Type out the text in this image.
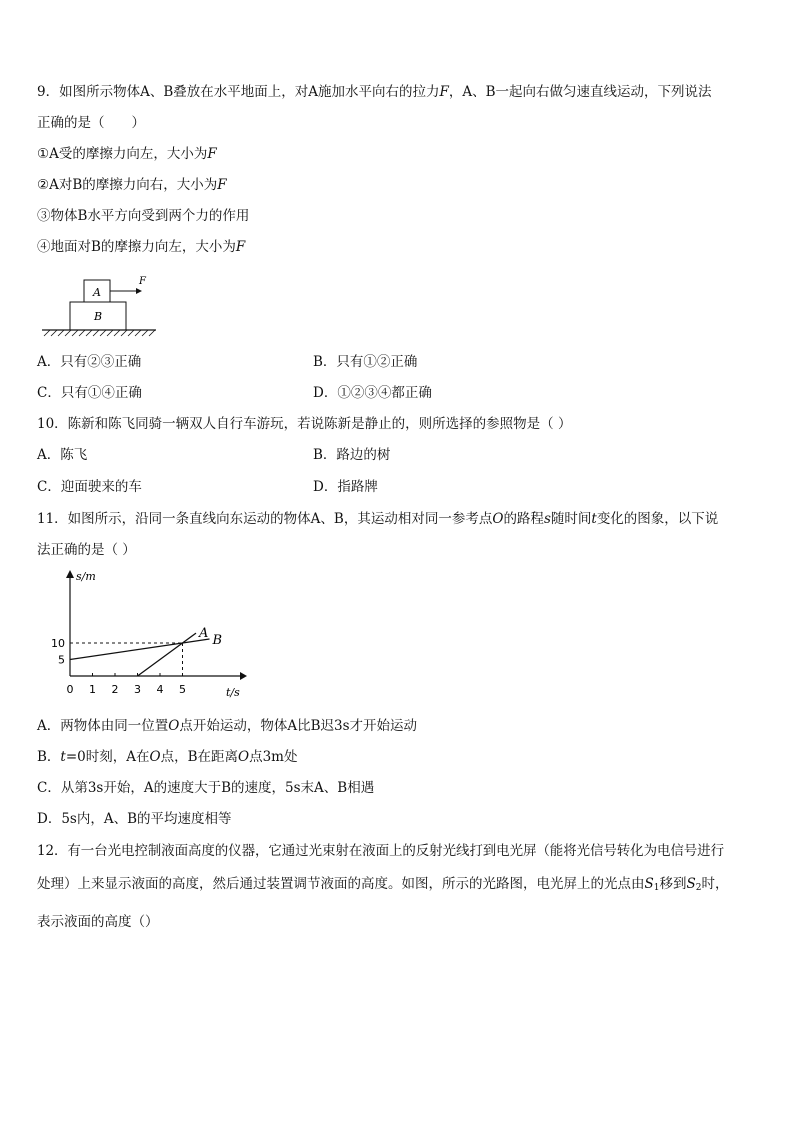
9．如图所示物体A、B叠放在水平地面上，对A施加水平向右的拉力F，A、B一起向右做匀速直线运动，下列说法
正确的是（　　）
①A受的摩擦力向左，大小为F
②A对B的摩擦力向右，大小为F
③物体B水平方向受到两个力的作用
④地面对B的摩擦力向左，大小为F
A
B
F
A．只有②③正确	B．只有①②正确
C．只有①④正确	D．①②③④都正确
10．陈新和陈飞同骑一辆双人自行车游玩，若说陈新是静止的，则所选择的参照物是（ ）
A．陈飞	B．路边的树
C．迎面驶来的车	D．指路牌
11．如图所示，沿同一条直线向东运动的物体A、B，其运动相对同一参考点O的路程s随时间t变化的图象，以下说
法正确的是（ ）
s/m
t/s
0 1 2 3 4 5
5
10
A B
A．两物体由同一位置O点开始运动，物体A比B迟3s才开始运动
B．t=0时刻，A在O点，B在距离O点3m处
C．从第3s开始，A的速度大于B的速度，5s末A、B相遇
D．5s内，A、B的平均速度相等
12．有一台光电控制液面高度的仪器，它通过光束射在液面上的反射光线打到电光屏（能将光信号转化为电信号进行
处理）上来显示液面的高度，然后通过装置调节液面的高度。如图，所示的光路图，电光屏上的光点由$S_1$移到$S_2$时，
表示液面的高度（）
